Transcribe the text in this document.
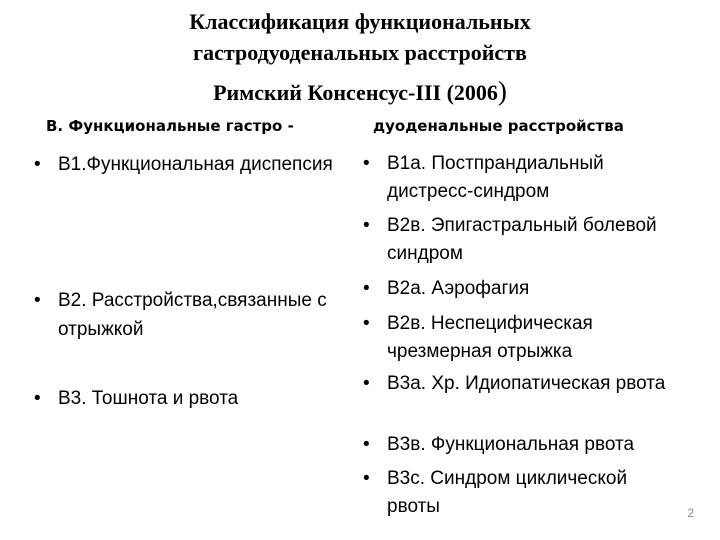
Классификация функциональных
гастродуоденальных расстройств
Римский Консенсус-III (2006)
B. Функциональные гастро -	дуоденальные расстройства
• B1.Функциональная диспепсия
• B2. Расстройства,связанные с отрыжкой
• B3. Тошнота и рвота
• B1a. Постпрандиальный дистресс-синдром
• B2в. Эпигастральный болевой синдром
• B2a. Аэрофагия
• B2в. Неспецифическая чрезмерная отрыжка
• B3a. Хр. Идиопатическая рвота
• B3в. Функциональная рвота
• B3c. Синдром циклической рвоты	2
